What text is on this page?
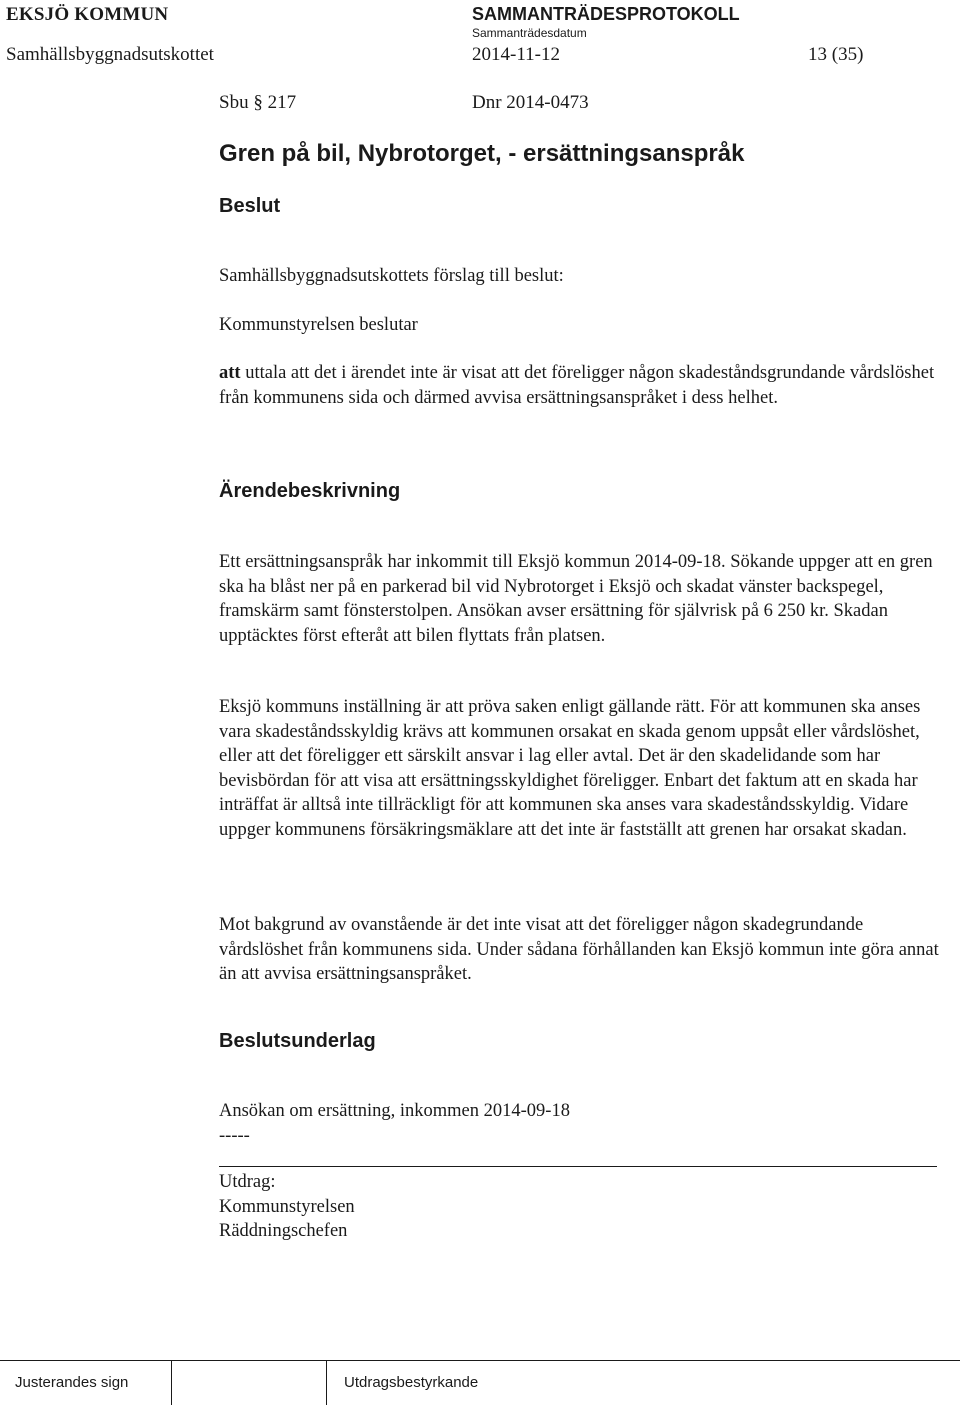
EKSJÖ KOMMUN	SAMMANTRÄDESPROTOKOLL
Sammanträdesdatum
Samhällsbyggnadsutskottet	2014-11-12	13 (35)
Sbu § 217	Dnr 2014-0473
Gren på bil, Nybrotorget, - ersättningsanspråk
Beslut
Samhällsbyggnadsutskottets förslag till beslut:
Kommunstyrelsen beslutar
att uttala att det i ärendet inte är visat att det föreligger någon skadeståndsgrundande vårdslöshet från kommunens sida och därmed avvisa ersättningsanspråket i dess helhet.
Ärendebeskrivning
Ett ersättningsanspråk har inkommit till Eksjö kommun 2014-09-18. Sökande uppger att en gren ska ha blåst ner på en parkerad bil vid Nybrotorget i Eksjö och skadat vänster backspegel, framskärm samt fönsterstolpen. Ansökan avser ersättning för självrisk på 6 250 kr. Skadan upptäcktes först efteråt att bilen flyttats från platsen.
Eksjö kommuns inställning är att pröva saken enligt gällande rätt. För att kommunen ska anses vara skadeståndsskyldig krävs att kommunen orsakat en skada genom uppsåt eller vårdslöshet, eller att det föreligger ett särskilt ansvar i lag eller avtal. Det är den skadelidande som har bevisbördan för att visa att ersättningsskyldighet föreligger. Enbart det faktum att en skada har inträffat är alltså inte tillräckligt för att kommunen ska anses vara skadeståndsskyldig. Vidare uppger kommunens försäkringsmäklare att det inte är fastställt att grenen har orsakat skadan.
Mot bakgrund av ovanstående är det inte visat att det föreligger någon skadegrundande vårdslöshet från kommunens sida. Under sådana förhållanden kan Eksjö kommun inte göra annat än att avvisa ersättningsanspråket.
Beslutsunderlag
Ansökan om ersättning, inkommen 2014-09-18
-----
Utdrag:
Kommunstyrelsen
Räddningschefen
Justerandes sign	Utdragsbestyrkande
